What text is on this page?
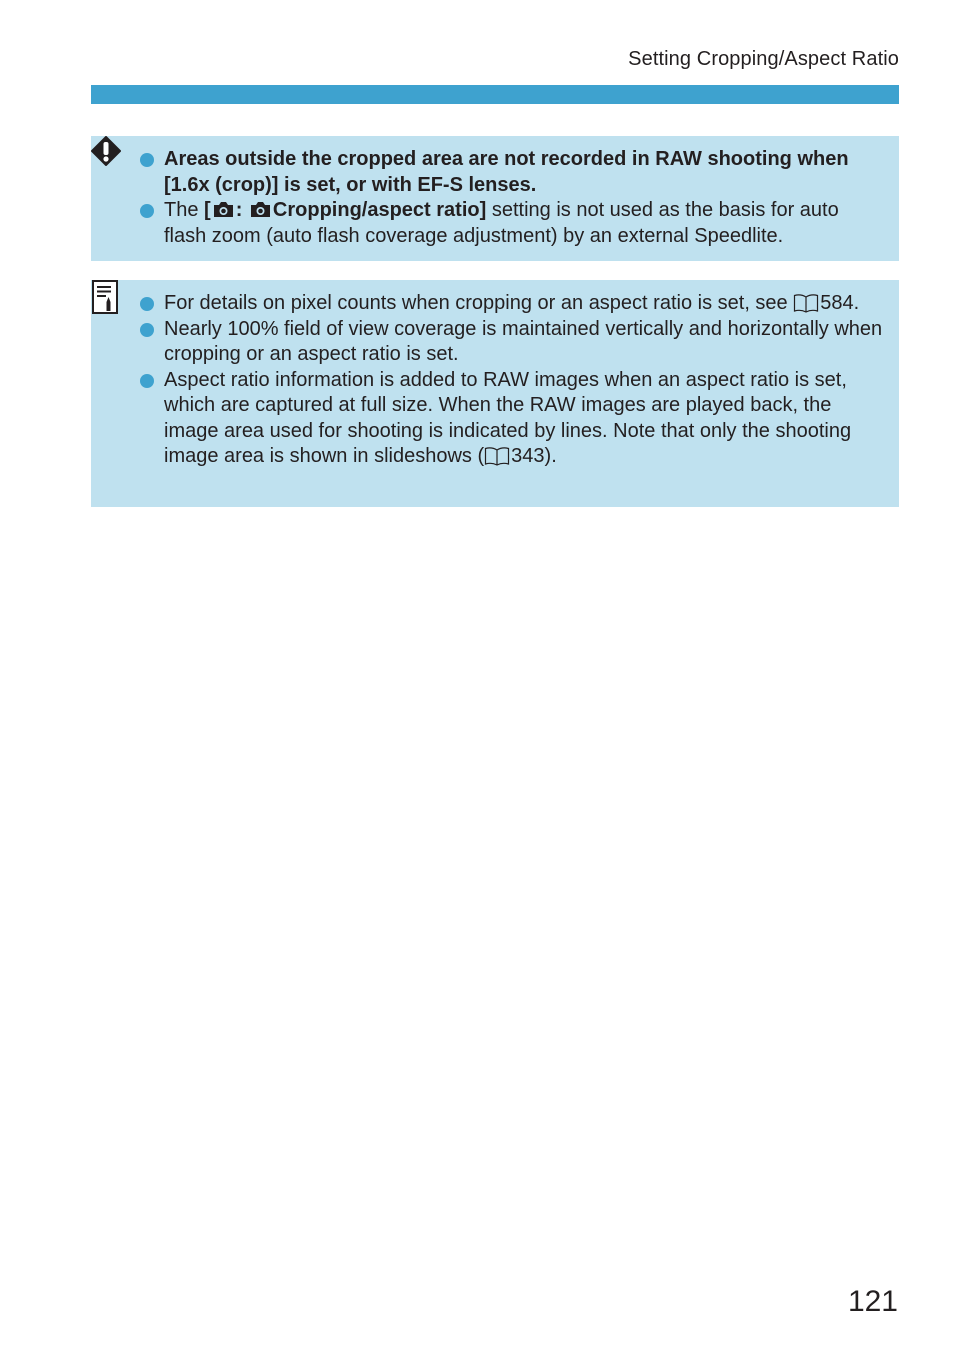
Setting Cropping/Aspect Ratio
Areas outside the cropped area are not recorded in RAW shooting when [1.6x (crop)] is set, or with EF-S lenses.
The [ : Cropping/aspect ratio] setting is not used as the basis for auto flash zoom (auto flash coverage adjustment) by an external Speedlite.
For details on pixel counts when cropping or an aspect ratio is set, see 584.
Nearly 100% field of view coverage is maintained vertically and horizontally when cropping or an aspect ratio is set.
Aspect ratio information is added to RAW images when an aspect ratio is set, which are captured at full size. When the RAW images are played back, the image area used for shooting is indicated by lines. Note that only the shooting image area is shown in slideshows ( 343).
121
